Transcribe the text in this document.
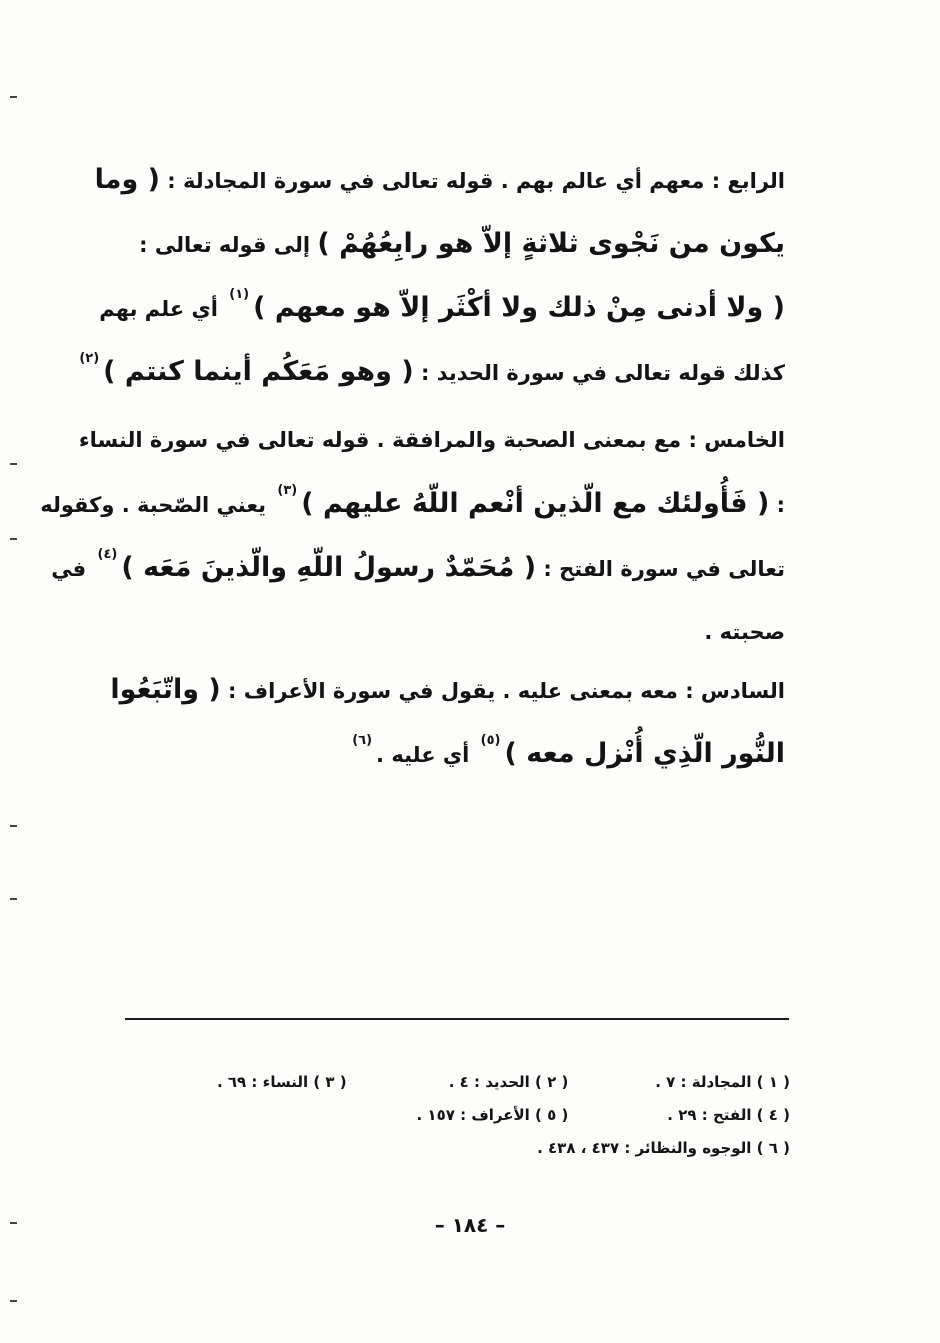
الرابع : معهم أي عالم بهم . قوله تعالى في سورة المجادلة : ( وما
يكون من نَجْوى ثلاثةٍ إلاّ هو رابِعُهُمْ ) إلى قوله تعالى :
( ولا أدنى مِنْ ذلك ولا أكْثَر إلاّ هو معهم )$^{(١)}$ أي علم بهم
كذلك قوله تعالى في سورة الحديد : ( وهو مَعَكُم أينما كنتم )$^{(٢)}$
الخامس : مع بمعنى الصحبة والمرافقة . قوله تعالى في سورة النساء
: ( فَأُولئك مع الّذين أنْعم اللّهُ عليهم )$^{(٣)}$ يعني الصّحبة . وكقوله
تعالى في سورة الفتح : ( مُحَمّدٌ رسولُ اللّهِ والّذينَ مَعَه )$^{(٤)}$ في
صحبته .
السادس : معه بمعنى عليه . يقول في سورة الأعراف : ( واتّبَعُوا
النُّور الّذِي أُنْزل معه )$^{(٥)}$ أي عليه .$^{(٦)}$
( ١ ) المجادلة : ٧ .
( ٢ ) الحديد : ٤ .
( ٣ ) النساء : ٦٩ .
( ٤ ) الفتح : ٢٩ .
( ٥ ) الأعراف : ١٥٧ .
( ٦ ) الوجوه والنظائر : ٤٣٧ ، ٤٣٨ .
– ١٨٤ –
